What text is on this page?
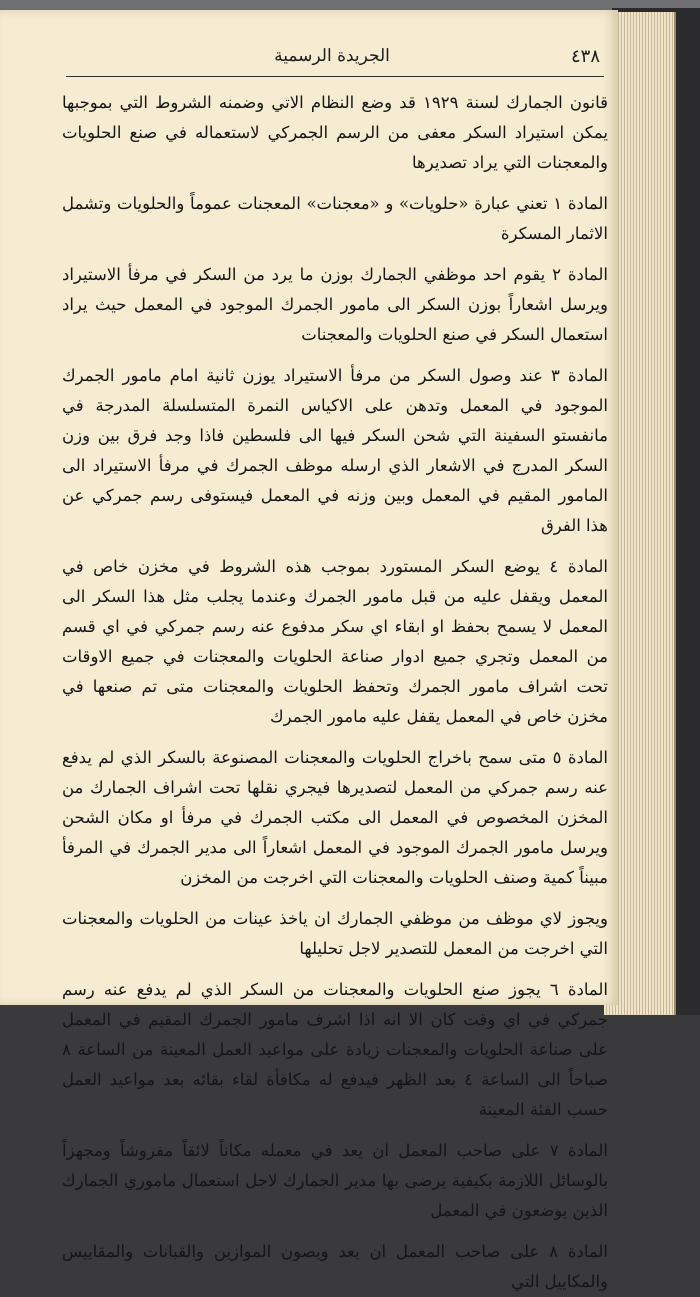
٤٣٨
الجريدة الرسمية

قانون الجمارك لسنة ١٩٢٩ قد وضع النظام الاتي وضمنه الشروط التي بموجبها يمكن استيراد السكر معفى من الرسم الجمركي لاستعماله في صنع الحلويات والمعجنات التي يراد تصديرها

المادة ١ تعني عبارة «حلويات» و «معجنات» المعجنات عموماً والحلويات وتشمل الاثمار المسكرة

المادة ٢ يقوم احد موظفي الجمارك بوزن ما يرد من السكر في مرفأ الاستيراد ويرسل اشعاراً بوزن السكر الى مامور الجمرك الموجود في المعمل حيث يراد استعمال السكر في صنع الحلويات والمعجنات

المادة ٣ عند وصول السكر من مرفأ الاستيراد يوزن ثانية امام مامور الجمرك الموجود في المعمل وتدهن على الاكياس النمرة المتسلسلة المدرجة في مانفستو السفينة التي شحن السكر فيها الى فلسطين فاذا وجد فرق بين وزن السكر المدرج في الاشعار الذي ارسله موظف الجمرك في مرفأ الاستيراد الى المامور المقيم في المعمل وبين وزنه في المعمل فيستوفى رسم جمركي عن هذا الفرق

المادة ٤ يوضع السكر المستورد بموجب هذه الشروط في مخزن خاص في المعمل ويقفل عليه من قبل مامور الجمرك وعندما يجلب مثل هذا السكر الى المعمل لا يسمح بحفظ او ابقاء اي سكر مدفوع عنه رسم جمركي في اي قسم من المعمل وتجري جميع ادوار صناعة الحلويات والمعجنات في جميع الاوقات تحت اشراف مامور الجمرك وتحفظ الحلويات والمعجنات متى تم صنعها في مخزن خاص في المعمل يقفل عليه مامور الجمرك

المادة ٥ متى سمح باخراج الحلويات والمعجنات المصنوعة بالسكر الذي لم يدفع عنه رسم جمركي من المعمل لتصديرها فيجري نقلها تحت اشراف الجمارك من المخزن المخصوص في المعمل الى مكتب الجمرك في مرفأ او مكان الشحن ويرسل مامور الجمرك الموجود في المعمل اشعاراً الى مدير الجمرك في المرفأ مبيناً كمية وصنف الحلويات والمعجنات التي اخرجت من المخزن

ويجوز لاي موظف من موظفي الجمارك ان ياخذ عينات من الحلويات والمعجنات التي اخرجت من المعمل للتصدير لاجل تحليلها

المادة ٦ يجوز صنع الحلويات والمعجنات من السكر الذي لم يدفع عنه رسم جمركي في اي وقت كان الا انه اذا اشرف مامور الجمرك المقيم في المعمل على صناعة الحلويات والمعجنات زيادة على مواعيد العمل المعينة من الساعة ٨ صباحاً الى الساعة ٤ بعد الظهر فيدفع له مكافأة لقاء بقائه بعد مواعيد العمل حسب الفئة المعينة

المادة ٧ على صاحب المعمل ان يعد في معمله مكاناً لائقاً مفروشاً ومجهزاً بالوسائل اللازمة بكيفية يرضى بها مدير الجمارك لاجل استعمال ماموري الجمارك الذين يوضعون في المعمل

المادة ٨ على صاحب المعمل ان يعد ويصون الموازين والقبانات والمقاييس والمكاييل التي
